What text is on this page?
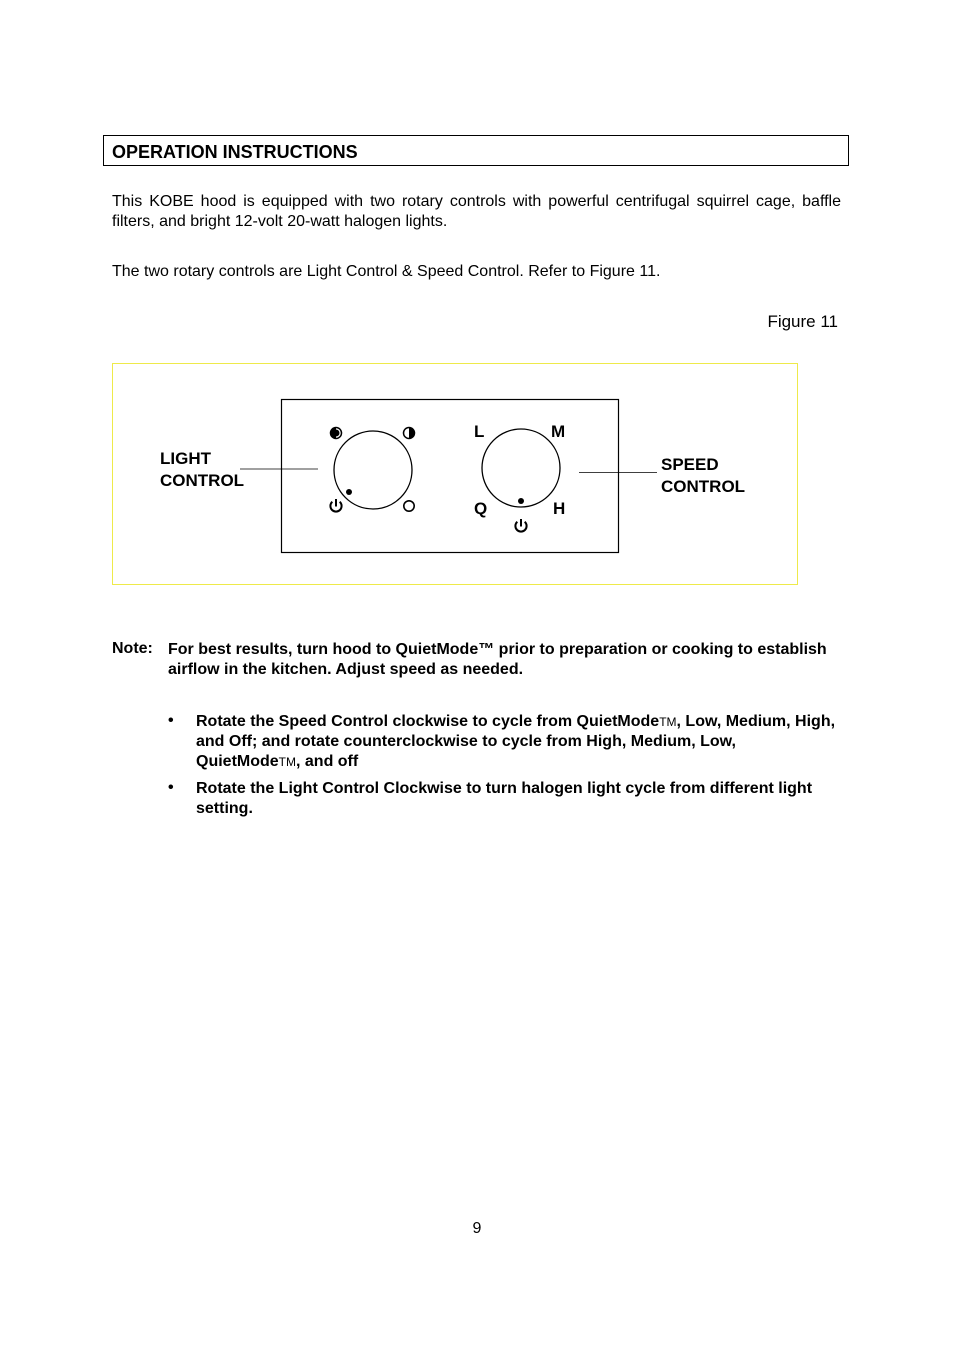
OPERATION INSTRUCTIONS
This KOBE hood is equipped with two rotary controls with powerful centrifugal squirrel cage, baffle filters, and bright 12-volt 20-watt halogen lights.
The two rotary controls are Light Control & Speed Control. Refer to Figure 11.
Figure 11
LIGHT
CONTROL
SPEED
CONTROL
L	M
Q	H
Note: For best results, turn hood to QuietMode™ prior to preparation or cooking to establish airflow in the kitchen. Adjust speed as needed.
• Rotate the Speed Control clockwise to cycle from QuietModeTM, Low, Medium, High, and Off; and rotate counterclockwise to cycle from High, Medium, Low, QuietModeTM, and off
• Rotate the Light Control Clockwise to turn halogen light cycle from different light setting.
9
